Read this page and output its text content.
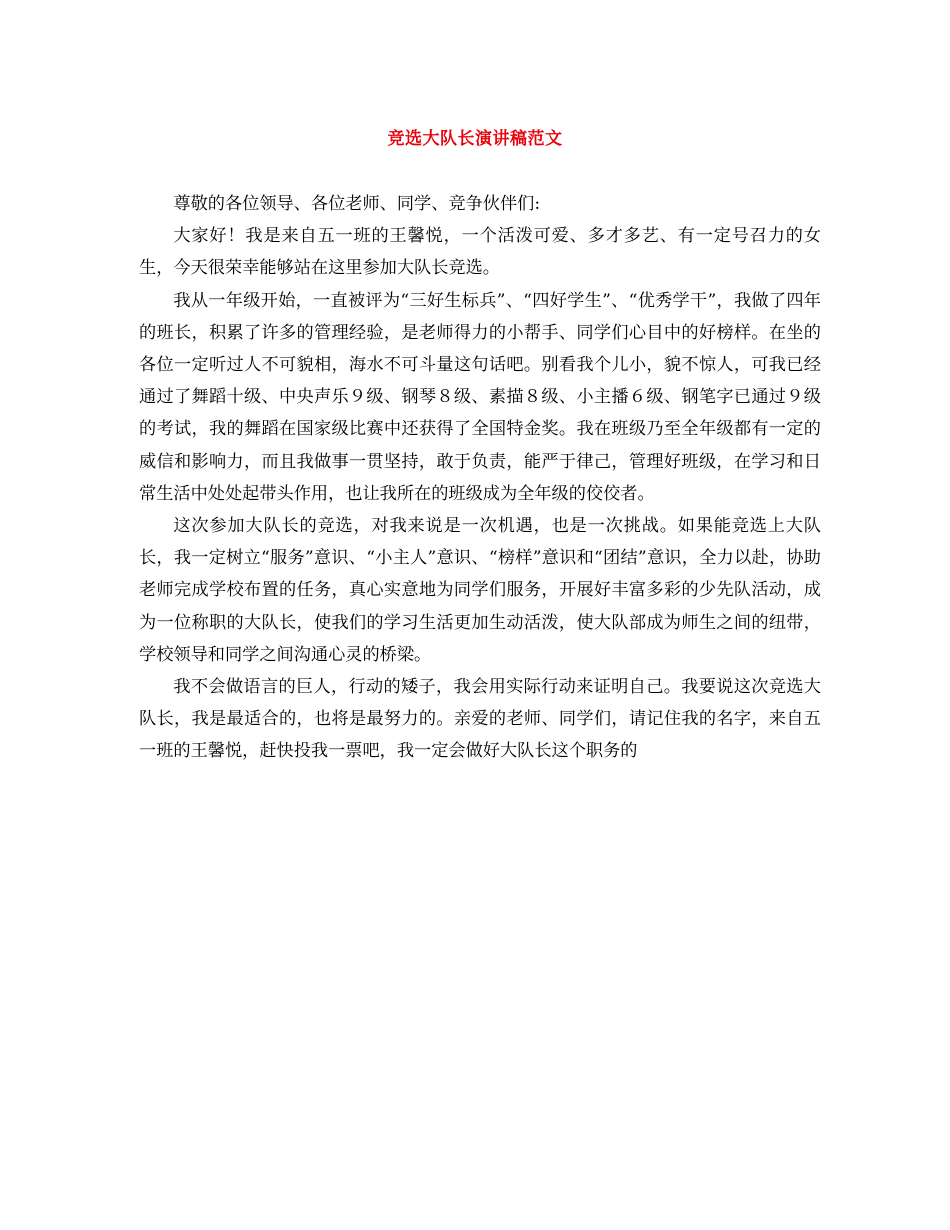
竞选大队长演讲稿范文

尊敬的各位领导、各位老师、同学、竞争伙伴们:

大家好！我是来自五一班的王馨悦，一个活泼可爱、多才多艺、有一定号召力的女生，今天很荣幸能够站在这里参加大队长竞选。

我从一年级开始，一直被评为“三好生标兵”、“四好学生”、“优秀学干”，我做了四年的班长，积累了许多的管理经验，是老师得力的小帮手、同学们心目中的好榜样。在坐的各位一定听过人不可貌相，海水不可斗量这句话吧。别看我个儿小，貌不惊人，可我已经通过了舞蹈十级、中央声乐９级、钢琴８级、素描８级、小主播６级、钢笔字已通过９级的考试，我的舞蹈在国家级比赛中还获得了全国特金奖。我在班级乃至全年级都有一定的威信和影响力，而且我做事一贯坚持，敢于负责，能严于律己，管理好班级，在学习和日常生活中处处起带头作用，也让我所在的班级成为全年级的佼佼者。

这次参加大队长的竞选，对我来说是一次机遇，也是一次挑战。如果能竞选上大队长，我一定树立“服务”意识、“小主人”意识、“榜样”意识和“团结”意识，全力以赴，协助老师完成学校布置的任务，真心实意地为同学们服务，开展好丰富多彩的少先队活动，成为一位称职的大队长，使我们的学习生活更加生动活泼，使大队部成为师生之间的纽带，学校领导和同学之间沟通心灵的桥梁。

我不会做语言的巨人，行动的矮子，我会用实际行动来证明自己。我要说这次竞选大队长，我是最适合的，也将是最努力的。亲爱的老师、同学们，请记住我的名字，来自五一班的王馨悦，赶快投我一票吧，我一定会做好大队长这个职务的
